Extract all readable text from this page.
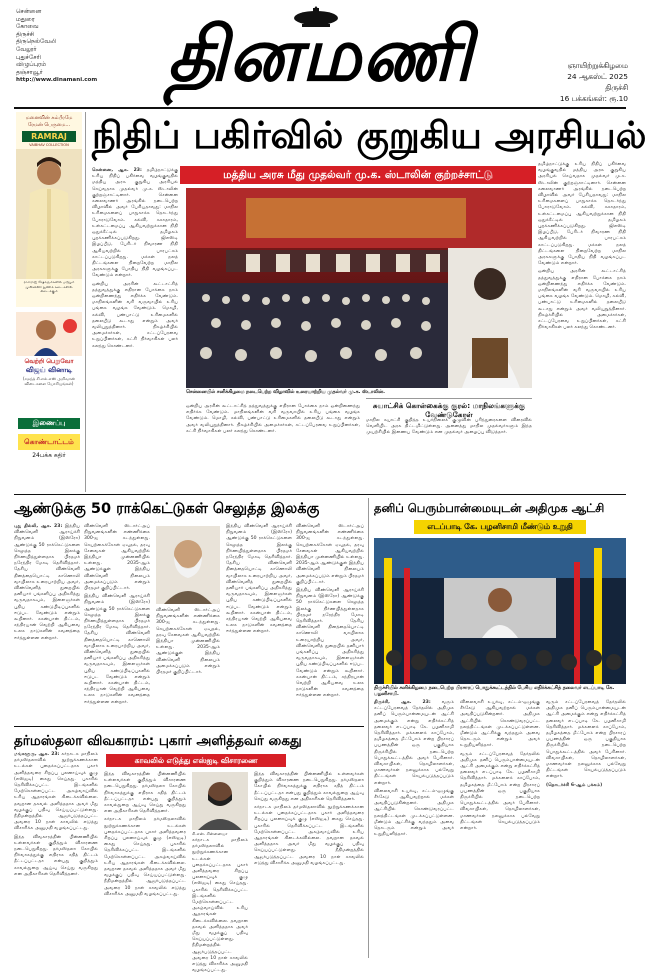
சென்னை
மதுரை
கோவை
திருச்சி
திருநெல்வேலி
வேலூர்
புதுச்சேரி
விழுப்புரம்
தஞ்சாவூர்
http://www.dinamani.com தினமணி	ஞாயிற்றுக்கிழமை
24 ஆகஸ்ட் 2025
திருச்சி
16 பக்கங்கள்: ரூ.10
மனைவின் கம்பீரமே ரேமன் பெருமை...
RAMRAJ
VAIBHAV COLLECTION
ராம்ராஜ் ஷோரூம்களில் மற்றும் முன்னணி துணிக் கடைகளில் கிடைக்கும்
வெற்றி பெறுவோ
விஜய் வினாடி
(சமந்த் சி.எல்.எஸ் அறிவான் விடைகளை யோசியுங்கள்)
இணைப்பு
கொண்டாட்டம்
24பக்க கதிர்
நிதிப் பகிர்வில் குறுகிய அரசியல்
மத்திய அரசு மீது முதல்வர் மு.க. ஸ்டாலின் குற்றச்சாட்டு

சென்னை, ஆக. 23: தமிழ்நாட்டுக்கு உரிய நிதிப் பகிர்வை வழங்குவதில் மத்திய அரசு குறுகிய அரசியல் செய்வதாக முதல்வர் மு.க. ஸ்டாலின் குற்றஞ்சாட்டினார். சென்னை கலைவாணர் அரங்கில் நடைபெற்ற விழாவில் அவர் பேசியதாவது: மாநில உரிமைகளைப் பாதுகாக்க தொடர்ந்து போராடுவோம். கல்வி, சுகாதாரம், உள்கட்டமைப்பு ஆகியவற்றுக்கான நிதி ஒதுக்கீட்டில் தமிழகம் புறக்கணிக்கப்படுகிறது. ஜிஎஸ்டி இழப்பீடு, பேரிடர் நிவாரண நிதி ஆகியவற்றில் பாரபட்சம் காட்டப்படுகிறது. மக்கள் நலத் திட்டங்களை நிறைவேற்ற மாநில அரசுகளுக்கு போதிய நிதி வழங்கப்பட வேண்டும் என்றார்.

ஒன்றிய அரசின் கூட்டாட்சித் தத்துவத்துக்கு எதிரான போக்கை நாம் ஒன்றிணைந்து எதிர்க்க வேண்டும். மாநிலங்களின் வரி வருவாயில் உரிய பங்கை வழங்க வேண்டும். மொழி, கல்வி, பண்பாட்டு உரிமைகளில் தலையீடு கூடாது என்றும் அவர் வலியுறுத்தினார். நிகழ்ச்சியில் அமைச்சர்கள், சட்டப்பேரவை உறுப்பினர்கள், கட்சி நிர்வாகிகள் பலர் கலந்து கொண்டனர்.

சென்னையில் சனிக்கிழமை நடைபெற்ற விழாவில் உரையாற்றிய முதல்வர் மு.க. ஸ்டாலின்.

தமிழ்நாட்டுக்கு உரிய நிதிப் பகிர்வை வழங்குவதில் மத்திய அரசு குறுகிய அரசியல் செய்வதாக முதல்வர் மு.க. ஸ்டாலின் குற்றஞ்சாட்டினார். சென்னை கலைவாணர் அரங்கில் நடைபெற்ற விழாவில் அவர் பேசியதாவது: மாநில உரிமைகளைப் பாதுகாக்க தொடர்ந்து போராடுவோம். கல்வி, சுகாதாரம், உள்கட்டமைப்பு ஆகியவற்றுக்கான நிதி ஒதுக்கீட்டில் தமிழகம் புறக்கணிக்கப்படுகிறது. ஜிஎஸ்டி இழப்பீடு, பேரிடர் நிவாரண நிதி ஆகியவற்றில் பாரபட்சம் காட்டப்படுகிறது. மக்கள் நலத் திட்டங்களை நிறைவேற்ற மாநில அரசுகளுக்கு போதிய நிதி வழங்கப்பட வேண்டும் என்றார்.

ஒன்றிய அரசின் கூட்டாட்சித் தத்துவத்துக்கு எதிரான போக்கை நாம் ஒன்றிணைந்து எதிர்க்க வேண்டும். மாநிலங்களின் வரி வருவாயில் உரிய பங்கை வழங்க வேண்டும். மொழி, கல்வி, பண்பாட்டு உரிமைகளில் தலையீடு கூடாது என்றும் அவர் வலியுறுத்தினார். நிகழ்ச்சியில் அமைச்சர்கள், சட்டப்பேரவை உறுப்பினர்கள், கட்சி நிர்வாகிகள் பலர் கலந்து கொண்டனர்.

சுயாட்சிக் கொள்கைக்கு குரல்: மாநிலங்களுக்கு வேண்டுகோள்
மாநில சுயாட்சி குறித்த உயர்நிலைக் குழுவின் பரிந்துரைகளை விரைவில் வெளியிட அரசு திட்டமிட்டுள்ளது. அனைத்து மாநில முதல்வர்களும் இந்த முயற்சியில் இணைய வேண்டும் என முதல்வர் அழைப்பு விடுத்தார்.

ஒன்றிய அரசின் கூட்டாட்சித் தத்துவத்துக்கு எதிரான போக்கை நாம் ஒன்றிணைந்து எதிர்க்க வேண்டும். மாநிலங்களின் வரி வருவாயில் உரிய பங்கை வழங்க வேண்டும். மொழி, கல்வி, பண்பாட்டு உரிமைகளில் தலையீடு கூடாது என்றும் அவர் வலியுறுத்தினார். நிகழ்ச்சியில் அமைச்சர்கள், சட்டப்பேரவை உறுப்பினர்கள், கட்சி நிர்வாகிகள் பலர் கலந்து கொண்டனர்.

ஆண்டுக்கு 50 ராக்கெட்டுகள் செலுத்த இலக்கு

புது தில்லி, ஆக. 23: இந்திய விண்வெளி ஆராய்ச்சி நிறுவனம் (இஸ்ரோ) ஆண்டுக்கு 50 ராக்கெட்டுகளை செலுத்த இலக்கு நிர்ணயித்துள்ளதாக பிரதமர் நரேந்திர மோடி தெரிவித்தார். தேசிய விண்வெளி தினத்தையொட்டி காணொலி வாயிலாக உரையாற்றிய அவர், விண்வெளித் துறையில் தனியார் பங்களிப்பு அதிகரித்து வருவதாகவும், இளைஞர்கள் புதிய கண்டுபிடிப்புகளில் ஈடுபட வேண்டும் என்றும் கூறினார். ககன்யான் திட்டம், சந்திரயான் வெற்றி ஆகியவை உலக நாடுகளின் கவனத்தை ஈர்த்துள்ளன என்றார்.

விண்வெளி ஸ்டார்ட்அப் நிறுவனங்களின் எண்ணிக்கை 300-ஐ கடந்துள்ளது. செயற்கைக்கோள் ஏவுதல், தரவு சேவைகள் ஆகியவற்றில் இந்தியா முன்னணியில் உள்ளது. 2035-ஆம் ஆண்டுக்குள் இந்திய விண்வெளி நிலையம் அமைக்கப்படும் என்றும் பிரதமர் குறிப்பிட்டார்.

இந்திய விண்வெளி ஆராய்ச்சி நிறுவனம் (இஸ்ரோ) ஆண்டுக்கு 50 ராக்கெட்டுகளை செலுத்த இலக்கு நிர்ணயித்துள்ளதாக பிரதமர் நரேந்திர மோடி தெரிவித்தார். தேசிய விண்வெளி தினத்தையொட்டி காணொலி வாயிலாக உரையாற்றிய அவர், விண்வெளித் துறையில் தனியார் பங்களிப்பு அதிகரித்து வருவதாகவும், இளைஞர்கள் புதிய கண்டுபிடிப்புகளில் ஈடுபட வேண்டும் என்றும் கூறினார். ககன்யான் திட்டம், சந்திரயான் வெற்றி ஆகியவை உலக நாடுகளின் கவனத்தை ஈர்த்துள்ளன என்றார்.

விண்வெளி ஸ்டார்ட்அப் நிறுவனங்களின் எண்ணிக்கை 300-ஐ கடந்துள்ளது. செயற்கைக்கோள் ஏவுதல், தரவு சேவைகள் ஆகியவற்றில் இந்தியா முன்னணியில் உள்ளது. 2035-ஆம் ஆண்டுக்குள் இந்திய விண்வெளி நிலையம் அமைக்கப்படும் என்றும் பிரதமர் குறிப்பிட்டார்.

இந்திய விண்வெளி ஆராய்ச்சி நிறுவனம் (இஸ்ரோ) ஆண்டுக்கு 50 ராக்கெட்டுகளை செலுத்த இலக்கு நிர்ணயித்துள்ளதாக பிரதமர் நரேந்திர மோடி தெரிவித்தார். தேசிய விண்வெளி தினத்தையொட்டி காணொலி வாயிலாக உரையாற்றிய அவர், விண்வெளித் துறையில் தனியார் பங்களிப்பு அதிகரித்து வருவதாகவும், இளைஞர்கள் புதிய கண்டுபிடிப்புகளில் ஈடுபட வேண்டும் என்றும் கூறினார். ககன்யான் திட்டம், சந்திரயான் வெற்றி ஆகியவை உலக நாடுகளின் கவனத்தை ஈர்த்துள்ளன என்றார்.

விண்வெளி ஸ்டார்ட்அப் நிறுவனங்களின் எண்ணிக்கை 300-ஐ கடந்துள்ளது. செயற்கைக்கோள் ஏவுதல், தரவு சேவைகள் ஆகியவற்றில் இந்தியா முன்னணியில் உள்ளது. 2035-ஆம் ஆண்டுக்குள் இந்திய விண்வெளி நிலையம் அமைக்கப்படும் என்றும் பிரதமர் குறிப்பிட்டார்.

இந்திய விண்வெளி ஆராய்ச்சி நிறுவனம் (இஸ்ரோ) ஆண்டுக்கு 50 ராக்கெட்டுகளை செலுத்த இலக்கு நிர்ணயித்துள்ளதாக பிரதமர் நரேந்திர மோடி தெரிவித்தார். தேசிய விண்வெளி தினத்தையொட்டி காணொலி வாயிலாக உரையாற்றிய அவர், விண்வெளித் துறையில் தனியார் பங்களிப்பு அதிகரித்து வருவதாகவும், இளைஞர்கள் புதிய கண்டுபிடிப்புகளில் ஈடுபட வேண்டும் என்றும் கூறினார். ககன்யான் திட்டம், சந்திரயான் வெற்றி ஆகியவை உலக நாடுகளின் கவனத்தை ஈர்த்துள்ளன என்றார்.

தனிப் பெரும்பான்மையுடன் அதிமுக ஆட்சி
எடப்பாடி கே. பழனிசாமி மீண்டும் உறுதி
திருச்சியில் சனிக்கிழமை நடைபெற்ற பிரசாரப் பொதுக்கூட்டத்தில் பேசிய எதிர்க்கட்சித் தலைவர் எடப்பாடி கே. பழனிசாமி.

திருச்சி, ஆக. 23: வரும் சட்டப்பேரவைத் தேர்தலில் அதிமுக தனிப் பெரும்பான்மையுடன் ஆட்சி அமைக்கும் என்று எதிர்க்கட்சித் தலைவர் எடப்பாடி கே. பழனிசாமி தெரிவித்தார். மக்களைக் காப்போம், தமிழகத்தை மீட்போம் என்ற பிரசாரப் பயணத்தின் ஒரு பகுதியாக திருச்சியில் நடைபெற்ற பொதுக்கூட்டத்தில் அவர் பேசினார். விவசாயிகள், தொழிலாளர்கள், மாணவர்கள் நலனுக்காக பல்வேறு திட்டங்கள் செயல்படுத்தப்படும் என்றார்.

விலைவாசி உயர்வு, சட்டம்-ஒழுங்கு சீர்கேடு ஆகியவற்றால் மக்கள் அவதிப்படுகின்றனர். அதிமுக ஆட்சியில் கொண்டுவரப்பட்ட நலத்திட்டங்கள் முடக்கப்பட்டுள்ளன. மீண்டும் ஆட்சிக்கு வந்ததும் அவை தொடரும் என்றும் அவர் உறுதியளித்தார்.

விலைவாசி உயர்வு, சட்டம்-ஒழுங்கு சீர்கேடு ஆகியவற்றால் மக்கள் அவதிப்படுகின்றனர். அதிமுக ஆட்சியில் கொண்டுவரப்பட்ட நலத்திட்டங்கள் முடக்கப்பட்டுள்ளன. மீண்டும் ஆட்சிக்கு வந்ததும் அவை தொடரும் என்றும் அவர் உறுதியளித்தார்.

வரும் சட்டப்பேரவைத் தேர்தலில் அதிமுக தனிப் பெரும்பான்மையுடன் ஆட்சி அமைக்கும் என்று எதிர்க்கட்சித் தலைவர் எடப்பாடி கே. பழனிசாமி தெரிவித்தார். மக்களைக் காப்போம், தமிழகத்தை மீட்போம் என்ற பிரசாரப் பயணத்தின் ஒரு பகுதியாக திருச்சியில் நடைபெற்ற பொதுக்கூட்டத்தில் அவர் பேசினார். விவசாயிகள், தொழிலாளர்கள், மாணவர்கள் நலனுக்காக பல்வேறு திட்டங்கள் செயல்படுத்தப்படும் என்றார்.

வரும் சட்டப்பேரவைத் தேர்தலில் அதிமுக தனிப் பெரும்பான்மையுடன் ஆட்சி அமைக்கும் என்று எதிர்க்கட்சித் தலைவர் எடப்பாடி கே. பழனிசாமி தெரிவித்தார். மக்களைக் காப்போம், தமிழகத்தை மீட்போம் என்ற பிரசாரப் பயணத்தின் ஒரு பகுதியாக திருச்சியில் நடைபெற்ற பொதுக்கூட்டத்தில் அவர் பேசினார். விவசாயிகள், தொழிலாளர்கள், மாணவர்கள் நலனுக்காக பல்வேறு திட்டங்கள் செயல்படுத்தப்படும் என்றார்.

(தொடர்ச்சி 6-ஆம் பக்கம்)

தர்மஸ்தலா விவகாரம்: புகார் அளித்தவர் கைது
காவலில் எடுத்து எஸ்ஐடி விசாரணை

மங்களூரு, ஆக. 23: கர்நாடக மாநிலம் தர்மஸ்தலாவில் நூற்றுக்கணக்கான உடல்கள் புதைக்கப்பட்டதாக புகார் அளித்தவரை சிறப்பு புலனாய்வுக் குழு (எஸ்ஐடி) கைது செய்தது. புகாரில் தெரிவிக்கப்பட்ட இடங்களில் மேற்கொள்ளப்பட்ட அகழ்வாய்வில் உரிய ஆதாரங்கள் கிடைக்கவில்லை. தவறான தகவல் அளித்ததாக அவர் மீது வழக்குப் பதிவு செய்யப்பட்டுள்ளது. நீதிமன்றத்தில் ஆஜர்படுத்தப்பட்ட அவரை 10 நாள் காவலில் எடுத்து விசாரிக்க அனுமதி வழங்கப்பட்டது.

இந்த விவகாரத்தின் பின்னணியில் உள்ளவர்கள் குறித்தும் விசாரணை நடைபெறுகிறது. தர்மஸ்தலா கோயில் நிர்வாகத்துக்கு எதிராக சதித் திட்டம் தீட்டப்பட்டதா என்பது குறித்தும் காவல்துறை ஆய்வு செய்து வருகிறது என அதிகாரிகள் தெரிவித்தனர்.

இந்த விவகாரத்தின் பின்னணியில் உள்ளவர்கள் குறித்தும் விசாரணை நடைபெறுகிறது. தர்மஸ்தலா கோயில் நிர்வாகத்துக்கு எதிராக சதித் திட்டம் தீட்டப்பட்டதா என்பது குறித்தும் காவல்துறை ஆய்வு செய்து வருகிறது என அதிகாரிகள் தெரிவித்தனர்.

கர்நாடக மாநிலம் தர்மஸ்தலாவில் நூற்றுக்கணக்கான உடல்கள் புதைக்கப்பட்டதாக புகார் அளித்தவரை சிறப்பு புலனாய்வுக் குழு (எஸ்ஐடி) கைது செய்தது. புகாரில் தெரிவிக்கப்பட்ட இடங்களில் மேற்கொள்ளப்பட்ட அகழ்வாய்வில் உரிய ஆதாரங்கள் கிடைக்கவில்லை. தவறான தகவல் அளித்ததாக அவர் மீது வழக்குப் பதிவு செய்யப்பட்டுள்ளது. நீதிமன்றத்தில் ஆஜர்படுத்தப்பட்ட அவரை 10 நாள் காவலில் எடுத்து விசாரிக்க அனுமதி வழங்கப்பட்டது.

சி.என். சின்னையா

கர்நாடக மாநிலம் தர்மஸ்தலாவில் நூற்றுக்கணக்கான உடல்கள் புதைக்கப்பட்டதாக புகார் அளித்தவரை சிறப்பு புலனாய்வுக் குழு (எஸ்ஐடி) கைது செய்தது. புகாரில் தெரிவிக்கப்பட்ட இடங்களில் மேற்கொள்ளப்பட்ட அகழ்வாய்வில் உரிய ஆதாரங்கள் கிடைக்கவில்லை. தவறான தகவல் அளித்ததாக அவர் மீது வழக்குப் பதிவு செய்யப்பட்டுள்ளது. நீதிமன்றத்தில் ஆஜர்படுத்தப்பட்ட அவரை 10 நாள் காவலில் எடுத்து விசாரிக்க அனுமதி வழங்கப்பட்டது.

இந்த விவகாரத்தின் பின்னணியில் உள்ளவர்கள் குறித்தும் விசாரணை நடைபெறுகிறது. தர்மஸ்தலா கோயில் நிர்வாகத்துக்கு எதிராக சதித் திட்டம் தீட்டப்பட்டதா என்பது குறித்தும் காவல்துறை ஆய்வு செய்து வருகிறது என அதிகாரிகள் தெரிவித்தனர்.

கர்நாடக மாநிலம் தர்மஸ்தலாவில் நூற்றுக்கணக்கான உடல்கள் புதைக்கப்பட்டதாக புகார் அளித்தவரை சிறப்பு புலனாய்வுக் குழு (எஸ்ஐடி) கைது செய்தது. புகாரில் தெரிவிக்கப்பட்ட இடங்களில் மேற்கொள்ளப்பட்ட அகழ்வாய்வில் உரிய ஆதாரங்கள் கிடைக்கவில்லை. தவறான தகவல் அளித்ததாக அவர் மீது வழக்குப் பதிவு செய்யப்பட்டுள்ளது. நீதிமன்றத்தில் ஆஜர்படுத்தப்பட்ட அவரை 10 நாள் காவலில் எடுத்து விசாரிக்க அனுமதி வழங்கப்பட்டது.
